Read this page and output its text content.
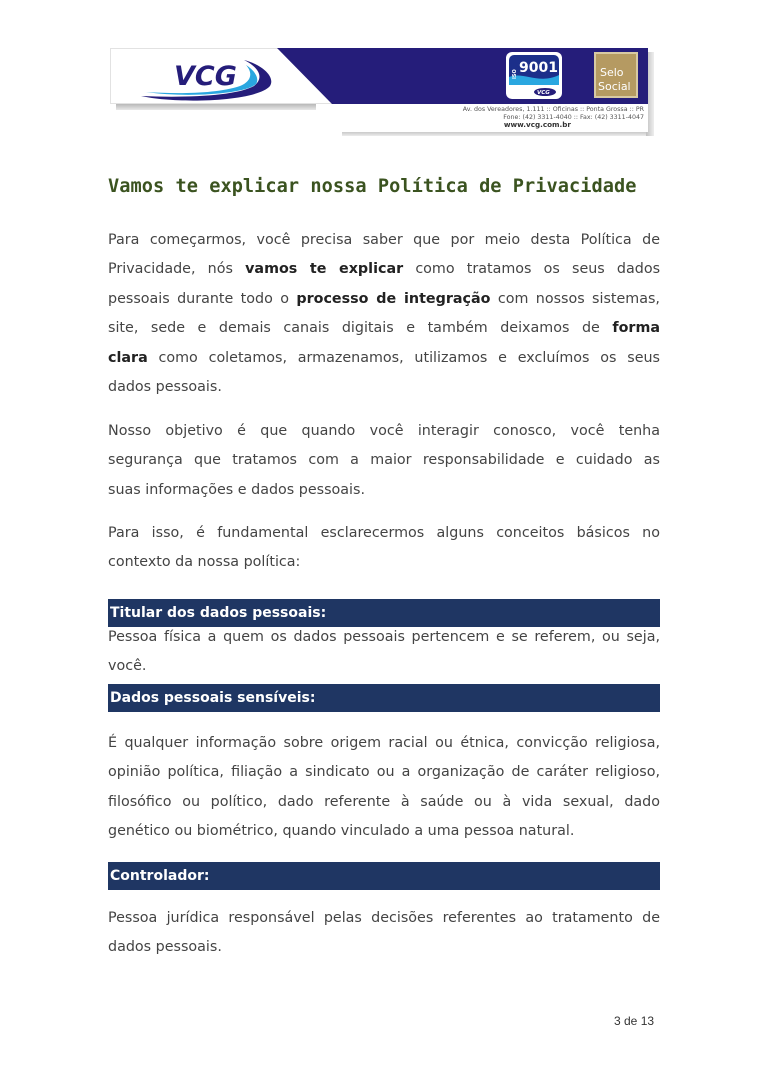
VCG	9001
ISO
VCG
Selo
Social
Av. dos Vereadores, 1.111 :: Oficinas :: Ponta Grossa :: PR
Fone: (42) 3311-4040 :: Fax: (42) 3311-4047
www.vcg.com.br
Vamos te explicar nossa Política de Privacidade
Para começarmos, você precisa saber que por meio desta Política de
Privacidade, nós vamos te explicar como tratamos os seus dados
pessoais durante todo o processo de integração com nossos sistemas,
site, sede e demais canais digitais e também deixamos de forma
clara como coletamos, armazenamos, utilizamos e excluímos os seus
dados pessoais.
Nosso objetivo é que quando você interagir conosco, você tenha
segurança que tratamos com a maior responsabilidade e cuidado as
suas informações e dados pessoais.
Para isso, é fundamental esclarecermos alguns conceitos básicos no
contexto da nossa política:
Titular dos dados pessoais:
Pessoa física a quem os dados pessoais pertencem e se referem, ou seja,
você.
Dados pessoais sensíveis:
É qualquer informação sobre origem racial ou étnica, convicção religiosa,
opinião política, filiação a sindicato ou a organização de caráter religioso,
filosófico ou político, dado referente à saúde ou à vida sexual, dado
genético ou biométrico, quando vinculado a uma pessoa natural.
Controlador:
Pessoa jurídica responsável pelas decisões referentes ao tratamento de
dados pessoais.
3 de 13
